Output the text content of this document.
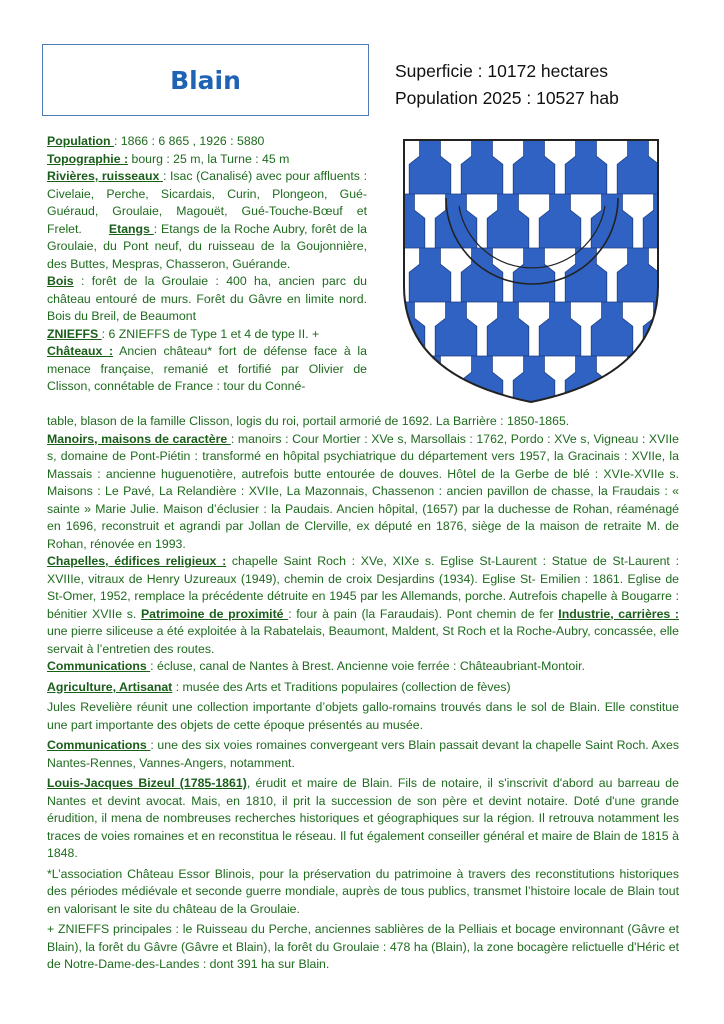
Blain	Superficie : 10172 hectares
Population 2025 : 10527 hab

Population : 1866 : 6 865 , 1926 : 5880

Topographie : bourg : 25 m, la Turne : 45 m

Rivières, ruisseaux : Isac (Canalisé) avec pour affluents : Civelaie, Perche, Sicardais, Curin, Plongeon, Gué-Guéraud, Groulaie, Magouët, Gué-Touche-Bœuf et Frelet. Etangs : Etangs de la Roche Aubry, forêt de la Groulaie, du Pont neuf, du ruisseau de la Goujonnière, des Buttes, Mespras, Chasseron, Guérande.

Bois : forêt de la Groulaie : 400 ha, ancien parc du château entouré de murs. Forêt du Gâvre en limite nord. Bois du Breil, de Beaumont

ZNIEFFS : 6 ZNIEFFS de Type 1 et 4 de type II. +

Châteaux : Ancien château* fort de défense face à la menace française, remanié et fortifié par Olivier de Clisson, connétable de France : tour du Conné-

table, blason de la famille Clisson, logis du roi, portail armorié de 1692. La Barrière : 1850-1865.

Manoirs, maisons de caractère : manoirs : Cour Mortier : XVe s, Marsollais : 1762, Pordo : XVe s, Vigneau : XVIIe s, domaine de Pont-Piétin : transformé en hôpital psychiatrique du département vers 1957, la Gracinais : XVIIe, la Massais : ancienne huguenotière, autrefois butte entourée de douves. Hôtel de la Gerbe de blé : XVIe-XVIIe s. Maisons : Le Pavé, La Relandière : XVIIe, La Mazonnais, Chassenon : ancien pavillon de chasse, la Fraudais : « sainte » Marie Julie. Maison d’éclusier : la Paudais. Ancien hôpital, (1657) par la duchesse de Rohan, réaménagé en 1696, reconstruit et agrandi par Jollan de Clerville, ex député en 1876, siège de la maison de retraite M. de Rohan, rénovée en 1993.

Chapelles, édifices religieux : chapelle Saint Roch : XVe, XIXe s. Eglise St-Laurent : Statue de St-Laurent : XVIIIe, vitraux de Henry Uzureaux (1949), chemin de croix Desjardins (1934). Eglise St- Emilien : 1861. Eglise de St-Omer, 1952, remplace la précédente détruite en 1945 par les Allemands, porche. Autrefois chapelle à Bougarre : bénitier XVIIe s. Patrimoine de proximité : four à pain (la Faraudais). Pont chemin de fer Industrie, carrières : une pierre siliceuse a été exploitée à la Rabatelais, Beaumont, Maldent, St Roch et la Roche-Aubry, concassée, elle servait à l’entretien des routes.

Communications : écluse, canal de Nantes à Brest. Ancienne voie ferrée : Châteaubriant-Montoir.

Agriculture, Artisanat : musée des Arts et Traditions populaires (collection de fèves)

Jules Revelière réunit une collection importante d’objets gallo-romains trouvés dans le sol de Blain. Elle constitue une part importante des objets de cette époque présentés au musée.

Communications : une des six voies romaines convergeant vers Blain passait devant la chapelle Saint Roch. Axes Nantes-Rennes, Vannes-Angers, notamment.

Louis-Jacques Bizeul (1785-1861), érudit et maire de Blain. Fils de notaire, il s'inscrivit d'abord au barreau de Nantes et devint avocat. Mais, en 1810, il prit la succession de son père et devint notaire. Doté d'une grande érudition, il mena de nombreuses recherches historiques et géographiques sur la région. Il retrouva notamment les traces de voies romaines et en reconstitua le réseau. Il fut également conseiller général et maire de Blain de 1815 à 1848.

*L’association Château Essor Blinois, pour la préservation du patrimoine à travers des reconstitutions historiques des périodes médiévale et seconde guerre mondiale, auprès de tous publics, transmet l’histoire locale de Blain tout en valorisant le site du château de la Groulaie.

+ ZNIEFFS principales : le Ruisseau du Perche, anciennes sablières de la Pelliais et bocage environnant (Gâvre et Blain), la forêt du Gâvre (Gâvre et Blain), la forêt du Groulaie : 478 ha (Blain), la zone bocagère relictuelle d'Héric et de Notre-Dame-des-Landes : dont 391 ha sur Blain.
